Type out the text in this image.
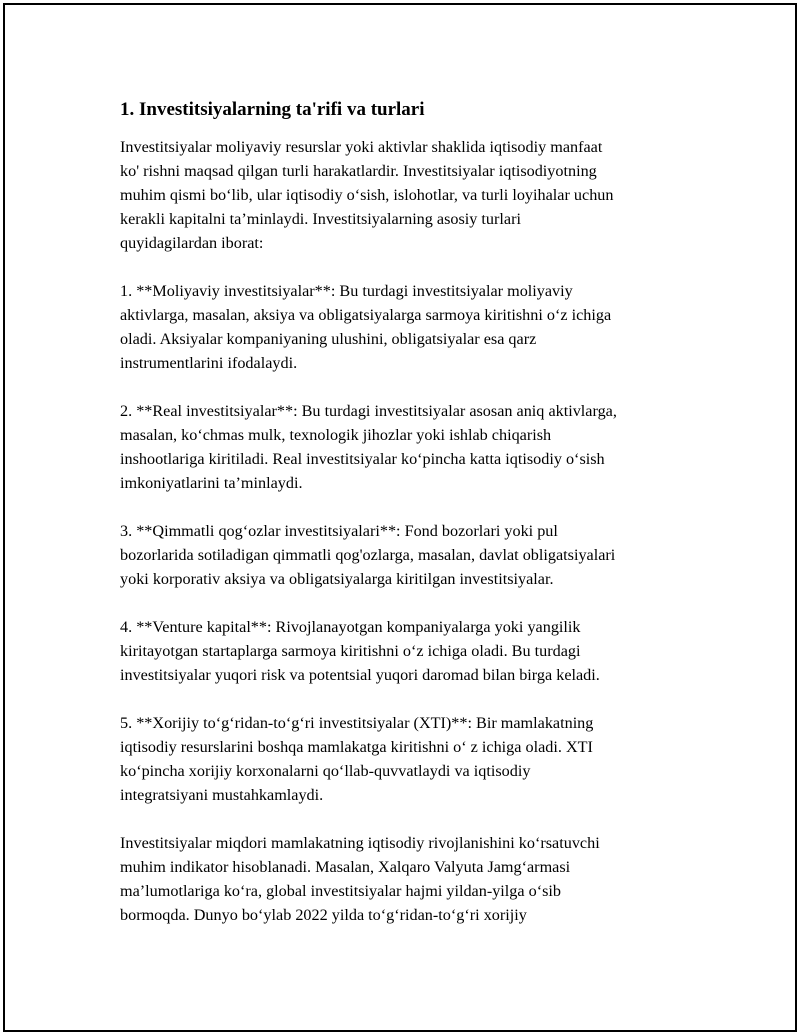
1. Investitsiyalarning ta'rifi va turlari
Investitsiyalar moliyaviy resurslar yoki aktivlar shaklida iqtisodiy manfaat
ko' rishni maqsad qilgan turli harakatlardir. Investitsiyalar iqtisodiyotning
muhim qismi bo‘lib, ular iqtisodiy o‘sish, islohotlar, va turli loyihalar uchun
kerakli kapitalni ta’minlaydi. Investitsiyalarning asosiy turlari
quyidagilardan iborat:
1. **Moliyaviy investitsiyalar**: Bu turdagi investitsiyalar moliyaviy
aktivlarga, masalan, aksiya va obligatsiyalarga sarmoya kiritishni o‘z ichiga
oladi. Aksiyalar kompaniyaning ulushini, obligatsiyalar esa qarz
instrumentlarini ifodalaydi.
2. **Real investitsiyalar**: Bu turdagi investitsiyalar asosan aniq aktivlarga,
masalan, ko‘chmas mulk, texnologik jihozlar yoki ishlab chiqarish
inshootlariga kiritiladi. Real investitsiyalar ko‘pincha katta iqtisodiy o‘sish
imkoniyatlarini ta’minlaydi.
3. **Qimmatli qog‘ozlar investitsiyalari**: Fond bozorlari yoki pul
bozorlarida sotiladigan qimmatli qog'ozlarga, masalan, davlat obligatsiyalari
yoki korporativ aksiya va obligatsiyalarga kiritilgan investitsiyalar.
4. **Venture kapital**: Rivojlanayotgan kompaniyalarga yoki yangilik
kiritayotgan startaplarga sarmoya kiritishni o‘z ichiga oladi. Bu turdagi
investitsiyalar yuqori risk va potentsial yuqori daromad bilan birga keladi.
5. **Xorijiy to‘g‘ridan-to‘g‘ri investitsiyalar (XTI)**: Bir mamlakatning
iqtisodiy resurslarini boshqa mamlakatga kiritishni o‘ z ichiga oladi. XTI
ko‘pincha xorijiy korxonalarni qo‘llab-quvvatlaydi va iqtisodiy
integratsiyani mustahkamlaydi.
Investitsiyalar miqdori mamlakatning iqtisodiy rivojlanishini ko‘rsatuvchi
muhim indikator hisoblanadi. Masalan, Xalqaro Valyuta Jamg‘armasi
ma’lumotlariga ko‘ra, global investitsiyalar hajmi yildan-yilga o‘sib
bormoqda. Dunyo bo‘ylab 2022 yilda to‘g‘ridan-to‘g‘ri xorijiy
